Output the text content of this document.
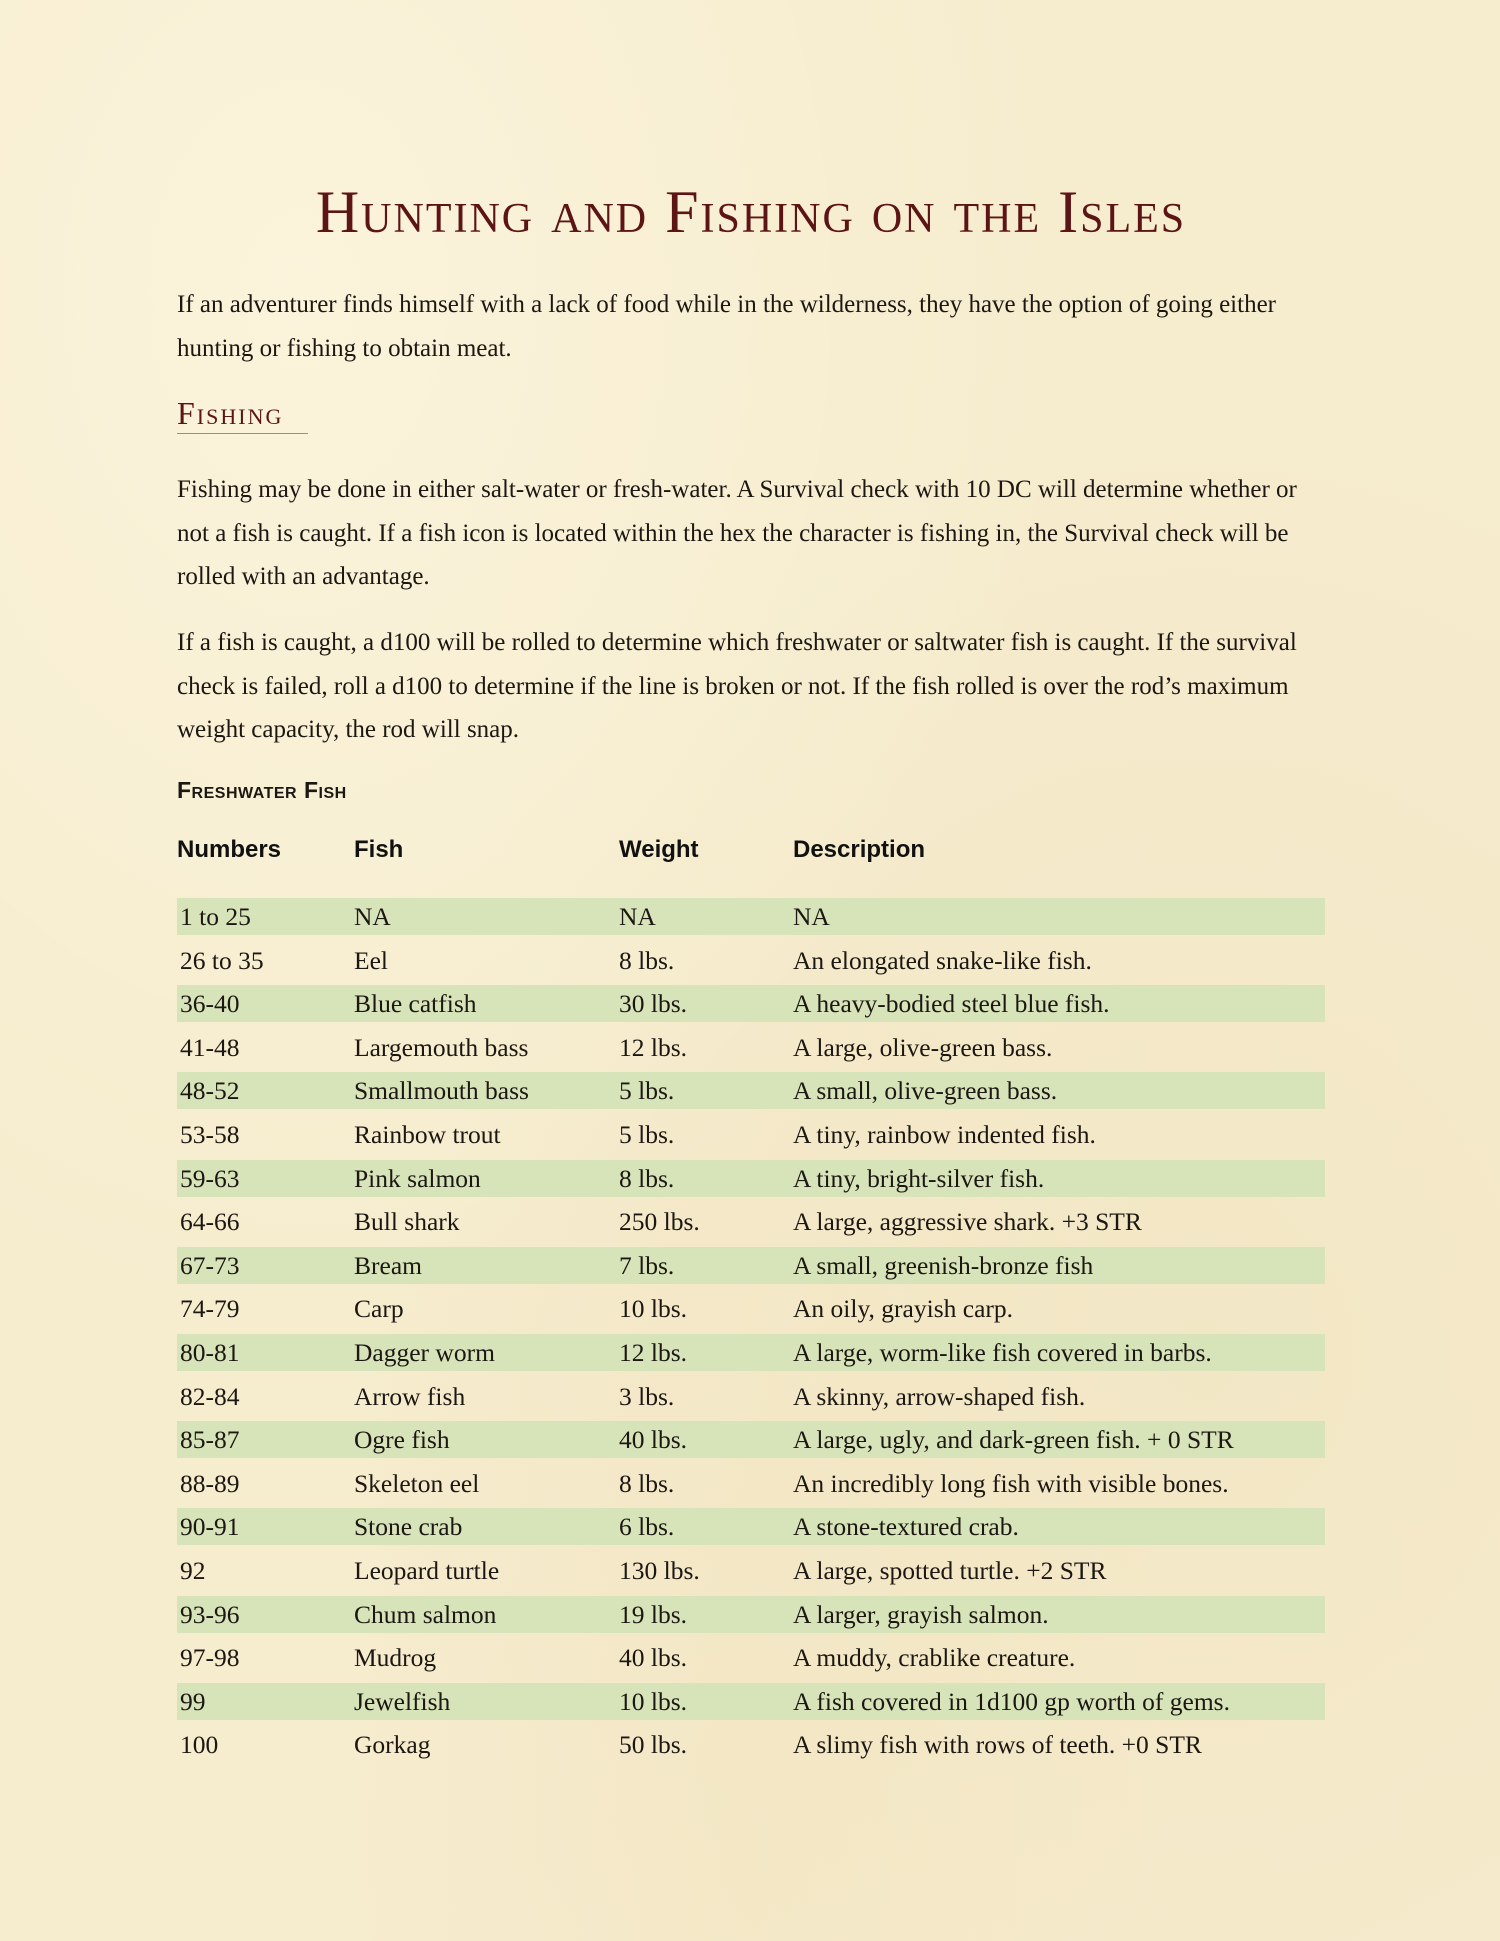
Hunting and Fishing on the Isles

If an adventurer finds himself with a lack of food while in the wilderness, they have the option of going either hunting or fishing to obtain meat.

Fishing

Fishing may be done in either salt-water or fresh-water. A Survival check with 10 DC will determine whether or not a fish is caught. If a fish icon is located within the hex the character is fishing in, the Survival check will be rolled with an advantage.

If a fish is caught, a d100 will be rolled to determine which freshwater or saltwater fish is caught. If the survival check is failed, roll a d100 to determine if the line is broken or not. If the fish rolled is over the rod’s maximum weight capacity, the rod will snap.

Freshwater Fish
Numbers	Fish	Weight	Description
1 to 25	NA	NA	NA
26 to 35	Eel	8 lbs.	An elongated snake-like fish.
36-40	Blue catfish	30 lbs.	A heavy-bodied steel blue fish.
41-48	Largemouth bass	12 lbs.	A large, olive-green bass.
48-52	Smallmouth bass	5 lbs.	A small, olive-green bass.
53-58	Rainbow trout	5 lbs.	A tiny, rainbow indented fish.
59-63	Pink salmon	8 lbs.	A tiny, bright-silver fish.
64-66	Bull shark	250 lbs.	A large, aggressive shark. +3 STR
67-73	Bream	7 lbs.	A small, greenish-bronze fish
74-79	Carp	10 lbs.	An oily, grayish carp.
80-81	Dagger worm	12 lbs.	A large, worm-like fish covered in barbs.
82-84	Arrow fish	3 lbs.	A skinny, arrow-shaped fish.
85-87	Ogre fish	40 lbs.	A large, ugly, and dark-green fish. + 0 STR
88-89	Skeleton eel	8 lbs.	An incredibly long fish with visible bones.
90-91	Stone crab	6 lbs.	A stone-textured crab.
92	Leopard turtle	130 lbs.	A large, spotted turtle. +2 STR
93-96	Chum salmon	19 lbs.	A larger, grayish salmon.
97-98	Mudrog	40 lbs.	A muddy, crablike creature.
99	Jewelfish	10 lbs.	A fish covered in 1d100 gp worth of gems.
100	Gorkag	50 lbs.	A slimy fish with rows of teeth. +0 STR
